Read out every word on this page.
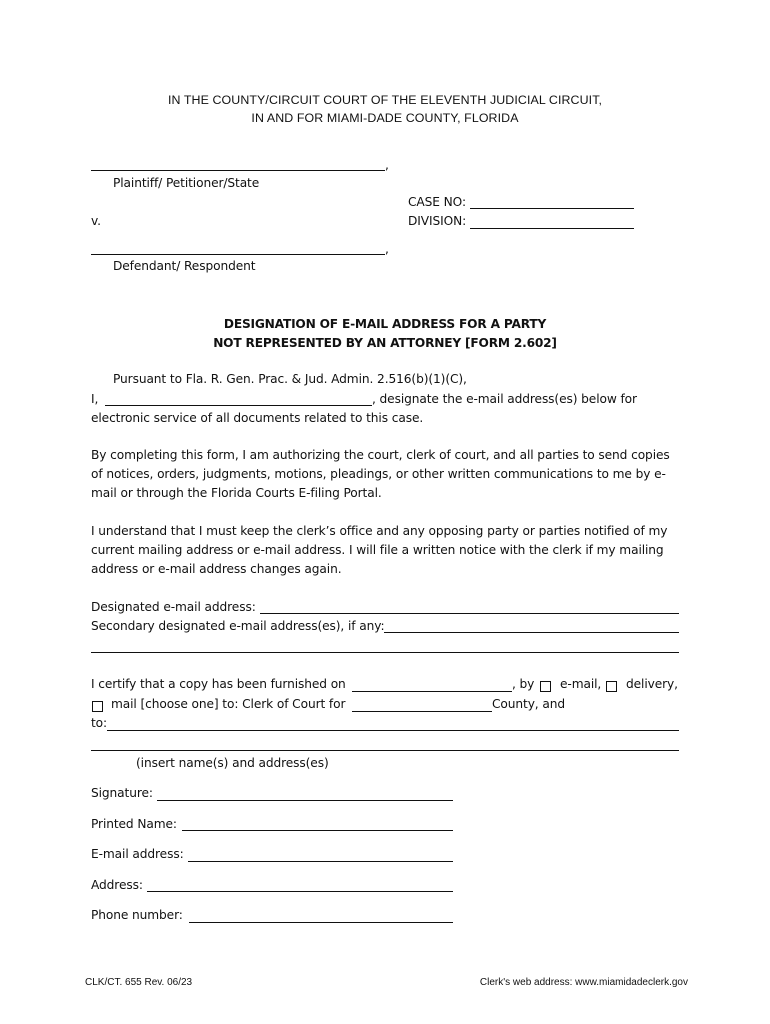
IN THE COUNTY/CIRCUIT COURT OF THE ELEVENTH JUDICIAL CIRCUIT,
IN AND FOR MIAMI-DADE COUNTY, FLORIDA
,
Plaintiff/ Petitioner/State
CASE NO:
v.	DIVISION:
,
Defendant/ Respondent
DESIGNATION OF E-MAIL ADDRESS FOR A PARTY
NOT REPRESENTED BY AN ATTORNEY [FORM 2.602]
Pursuant to Fla. R. Gen. Prac. & Jud. Admin. 2.516(b)(1)(C),
I,	, designate the e-mail address(es) below for
electronic service of all documents related to this case.
By completing this form, I am authorizing the court, clerk of court, and all parties to send copies
of notices, orders, judgments, motions, pleadings, or other written communications to me by e-
mail or through the Florida Courts E-filing Portal.
I understand that I must keep the clerk’s office and any opposing party or parties notified of my
current mailing address or e-mail address. I will file a written notice with the clerk if my mailing
address or e-mail address changes again.
Designated e-mail address:
Secondary designated e-mail address(es), if any:
I certify that a copy has been furnished on	, by e-mail, delivery,
mail [choose one] to: Clerk of Court for	County, and
to:
(insert name(s) and address(es)
Signature:
Printed Name:
E-mail address:
Address:
Phone number:
CLK/CT. 655 Rev. 06/23	Clerk's web address: www.miamidadeclerk.gov
